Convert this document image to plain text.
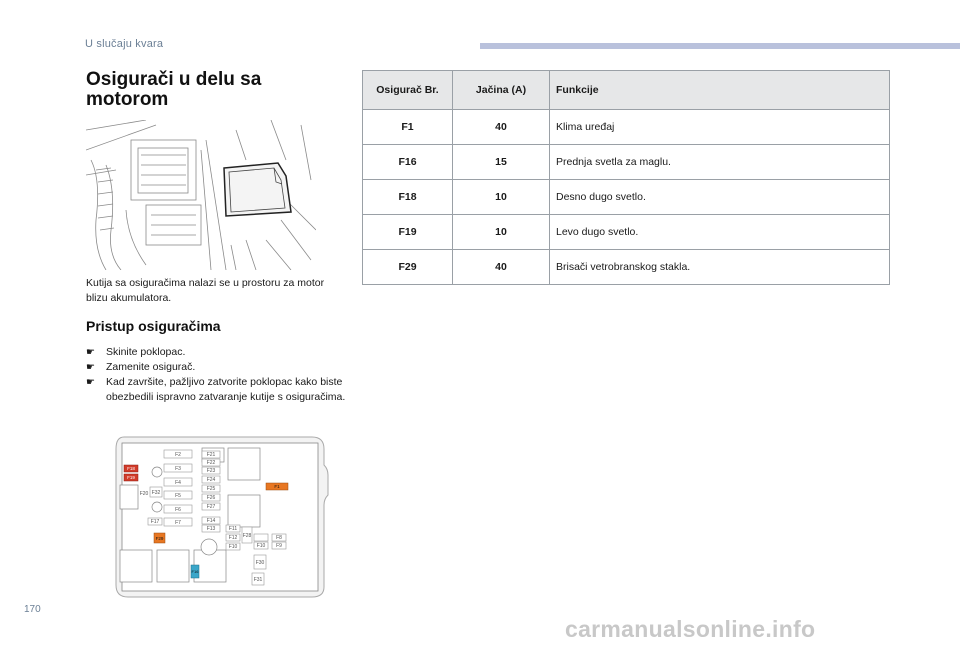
U slučaju kvara
Osigurači u delu sa
motorom
Kutija sa osiguračima nalazi se u prostoru za motor blizu akumulatora.
Pristup osiguračima
☛ Skinite poklopac.
☛ Zamenite osigurač.
☛ Kad završite, pažljivo zatvorite poklopac kako biste obezbedili ispravno zatvaranje kutije s osiguračima.
F2
F3
F4
F5
F6
F7
F17
F20 F32
F21
F22
F23
F24
F25
F26
F27
F14
F13	F11
F12
F10
F28	F8
F9
F10
F30
F31
F18
F19
F1
F29
F16
170
Osigurač Br.	Jačina (A)	Funkcije
F1	40	Klima uređaj
F16	15	Prednja svetla za maglu.
F18	10	Desno dugo svetlo.
F19	10	Levo dugo svetlo.
F29	40	Brisači vetrobranskog stakla.
carmanualsonline.info
